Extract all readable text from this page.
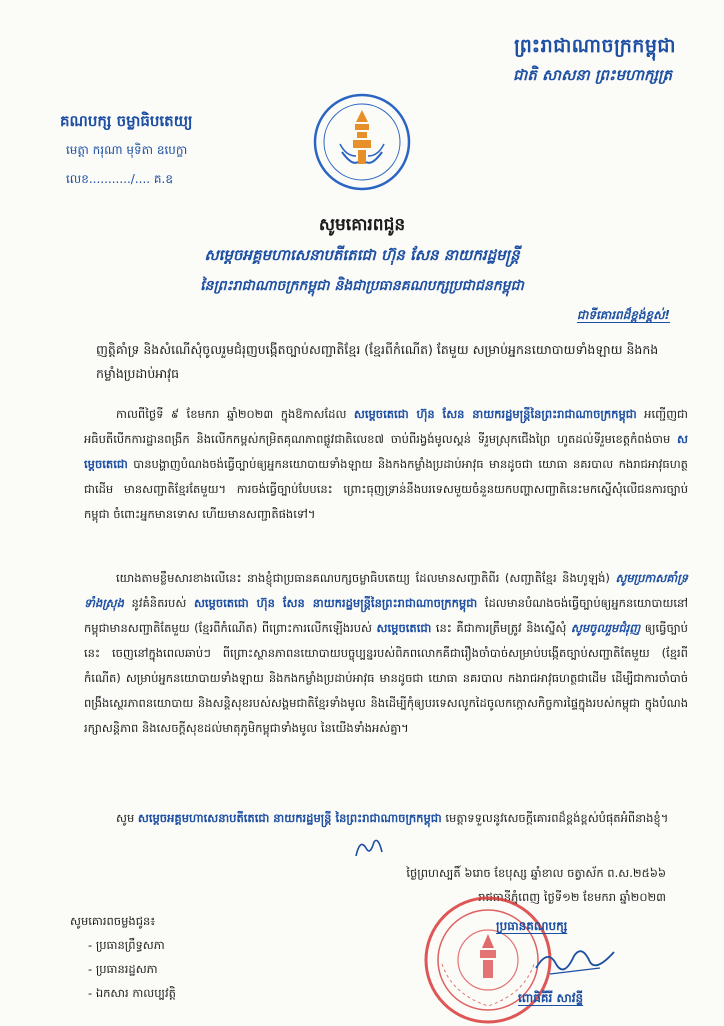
ព្រះរាជាណាចក្រកម្ពុជា
ជាតិ សាសនា ព្រះមហាក្សត្រ
គណបក្ស ចម្លាធិបតេយ្យ
មេត្តា ករុណា មុទិតា ឧបេក្ខា
លេខ.........../.... គ.ឧ
សូមគោរពជូន
សម្តេចអគ្គមហាសេនាបតីតេជោ ហ៊ុន សែន នាយករដ្ឋមន្ត្រី
នៃព្រះរាជាណាចក្រកម្ពុជា និងជាប្រធានគណបក្សប្រជាជនកម្ពុជា
ជាទីគោរពដ៏ខ្ពង់ខ្ពស់!
ញត្តិគាំទ្រ និងសំណើសុំចូលរួមជំរុញបង្កើតច្បាប់សញ្ជាតិខ្មែរ (ខ្មែរពីកំណើត) តែមួយ សម្រាប់អ្នកនយោបាយទាំងឡាយ និងកងកម្លាំងប្រដាប់អាវុធ
កាលពីថ្ងៃទី ៩ ខែមករា ឆ្នាំ២០២៣ ក្នុងឱកាសដែល សម្តេចតេជោ ហ៊ុន សែន នាយករដ្ឋមន្ត្រីនៃព្រះរាជាណាចក្រកម្ពុជា អញ្ជើញជាអធិបតីបើកការដ្ឋានពង្រីក និងលើកកម្ពស់កម្រិតគុណភាពផ្លូវជាតិលេខ៧ ចាប់ពីរង្វង់មូលស្គន់ ទីរួមស្រុកជើងព្រៃ ហូតដល់ទីរួមខេត្តកំពង់ចាម សម្តេចតេជោ បានបង្ហាញបំណងចង់ធ្វើច្បាប់ឲ្យអ្នកនយោបាយទាំងឡាយ និងកងកម្លាំងប្រដាប់អាវុធ មានដូចជា យោធា នគរបាល កងរាជអាវុធហត្ថជាដើម មានសញ្ជាតិខ្មែរតែមួយ។ ការចង់ធ្វើច្បាប់បែបនេះ ព្រោះធុញទ្រាន់នឹងបរទេសមួយចំនួនយកបញ្ហាសញ្ជាតិនេះមកស្នើសុំលើជនការច្បាប់កម្ពុជា ចំពោះអ្នកមានទោស ហើយមានសញ្ជាតិផងទៅ។
យោងតាមខ្លឹមសារខាងលើនេះ នាងខ្ញុំជាប្រធានគណបក្សចម្លាធិបតេយ្យ ដែលមានសញ្ជាតិពីរ (សញ្ជាតិខ្មែរ និងហូឡង់) សូមប្រកាសគាំទ្រទាំងស្រុង នូវគំនិតរបស់ សម្តេចតេជោ ហ៊ុន សែន នាយករដ្ឋមន្ត្រីនៃព្រះរាជាណាចក្រកម្ពុជា ដែលមានបំណងចង់ធ្វើច្បាប់ឲ្យអ្នកនយោបាយនៅកម្ពុជាមានសញ្ជាតិតែមួយ (ខ្មែរពីកំណើត) ពីព្រោះការលើកឡើងរបស់ សម្តេចតេជោ នេះ គឺជាការត្រឹមត្រូវ និងស្នើសុំ សូមចូលរួមជំរុញ ឲ្យធ្វើច្បាប់នេះ ចេញនៅក្នុងពេលឆាប់ៗ ពីព្រោះស្ថានភាពនយោបាយបច្ចុប្បន្នរបស់ពិភពលោកគឺជារឿងចាំបាច់សម្រាប់បង្កើតច្បាប់សញ្ជាតិតែមួយ (ខ្មែរពីកំណើត) សម្រាប់អ្នកនយោបាយទាំងឡាយ និងកងកម្លាំងប្រដាប់អាវុធ មានដូចជា យោធា នគរបាល កងរាជអាវុធហត្ថជាដើម ដើម្បីជាការចាំបាច់ពង្រឹងស្ថេរភាពនយោបាយ និងសន្តិសុខរបស់សង្គមជាតិខ្មែរទាំងមូល និងដើម្បីកុំឲ្យបរទេសលូកដៃចូលកក្កោសកិច្ចការផ្ទៃក្នុងរបស់កម្ពុជា ក្នុងបំណងរក្សាសន្តិភាព និងសេចក្តីសុខដល់មាតុភូមិកម្ពុជាទាំងមូល នៃយើងទាំងអស់គ្នា។
សូម សម្តេចអគ្គមហាសេនាបតីតេជោ នាយករដ្ឋមន្ត្រី នៃព្រះរាជាណាចក្រកម្ពុជា មេត្តាទទួលនូវសេចក្តីគោរពដ៏ខ្ពង់ខ្ពស់បំផុតអំពីនាងខ្ញុំ។
ថ្ងៃព្រហស្បតិ៍ ៦រោច ខែបុស្ស ឆ្នាំខាល ចត្វាស័ក ព.ស.២៥៦៦
រាជធានីភ្នំពេញ ថ្ងៃទី១២ ខែមករា ឆ្នាំ២០២៣
ប្រធានគណបក្ស
ពោធិគីរី សាវន្ទី
សូមគោរពចម្លងជូន៖
- ប្រធានព្រឹទ្ធសភា
- ប្រធានរដ្ឋសភា
- ឯកសារ កាលប្បវត្តិ
